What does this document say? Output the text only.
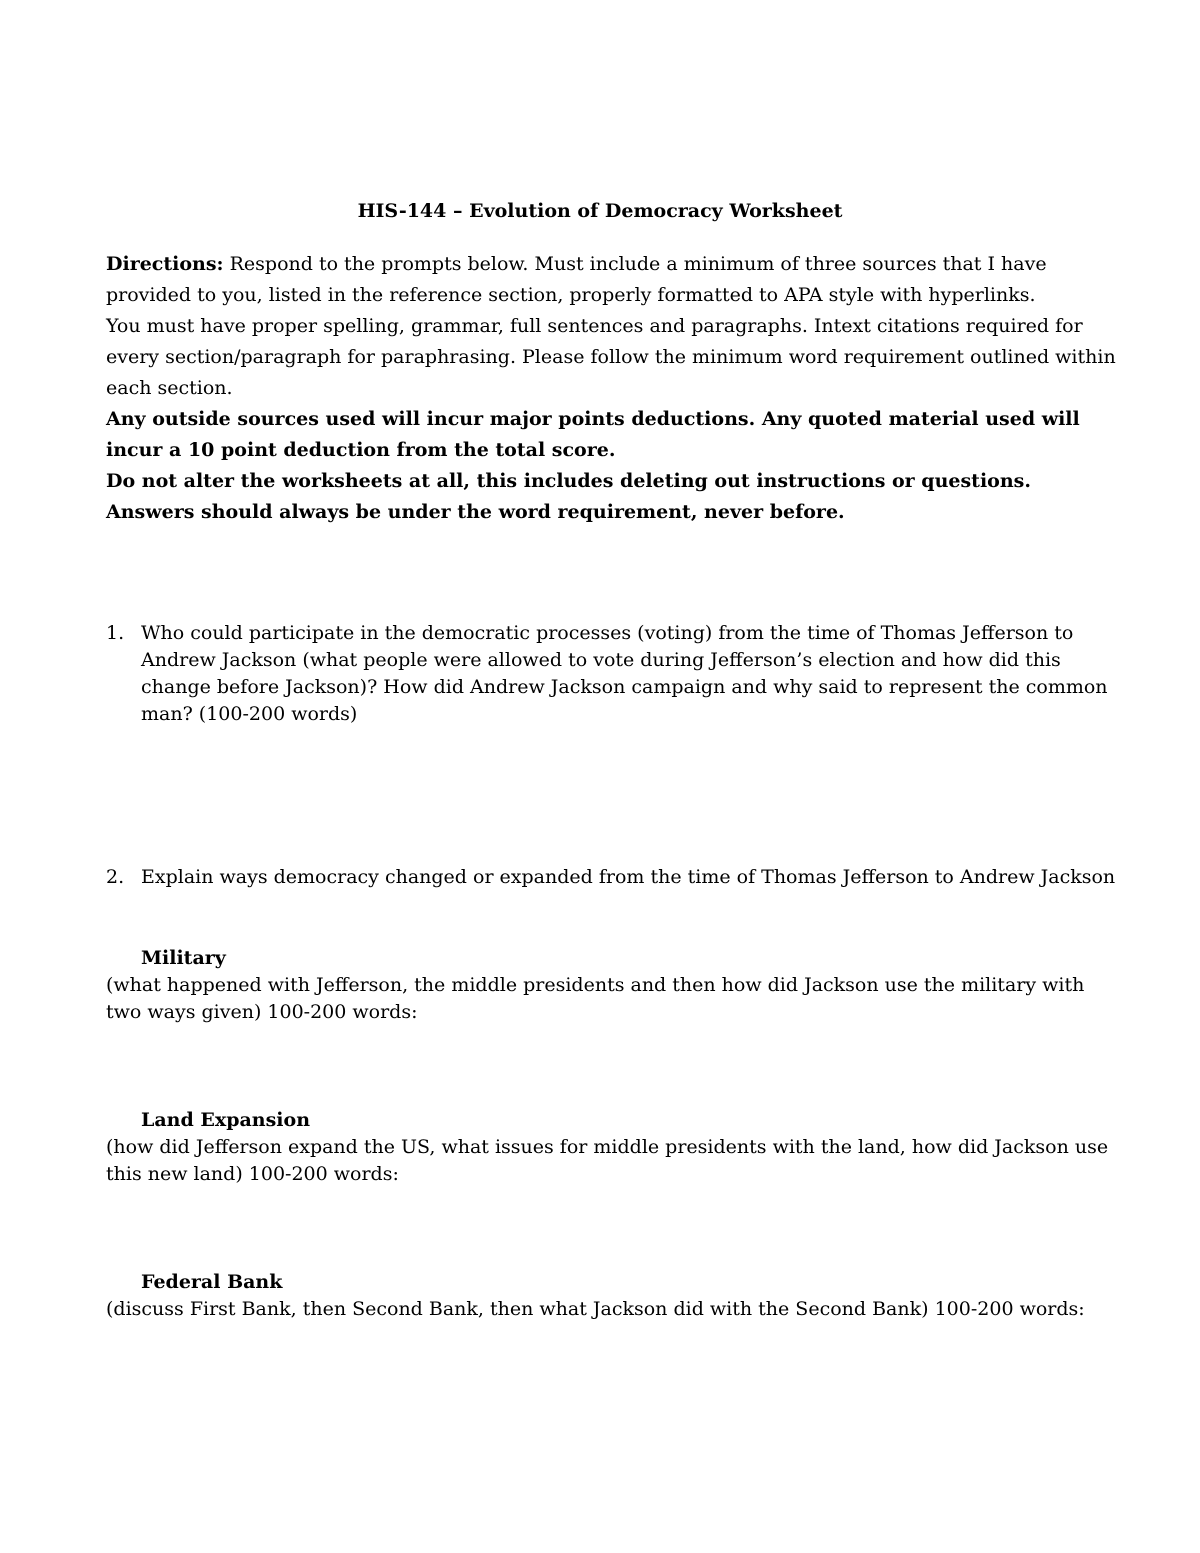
HIS-144 – Evolution of Democracy Worksheet

Directions: Respond to the prompts below. Must include a minimum of three sources that I have provided to you, listed in the reference section, properly formatted to APA style with hyperlinks.

You must have proper spelling, grammar, full sentences and paragraphs. Intext citations required for every section/paragraph for paraphrasing. Please follow the minimum word requirement outlined within each section.

Any outside sources used will incur major points deductions. Any quoted material used will incur a 10 point deduction from the total score.

Do not alter the worksheets at all, this includes deleting out instructions or questions. Answers should always be under the word requirement, never before.

1. Who could participate in the democratic processes (voting) from the time of Thomas Jefferson to Andrew Jackson (what people were allowed to vote during Jefferson’s election and how did this change before Jackson)? How did Andrew Jackson campaign and why said to represent the common man? (100-200 words)
2. Explain ways democracy changed or expanded from the time of Thomas Jefferson to Andrew Jackson
Military
(what happened with Jefferson, the middle presidents and then how did Jackson use the military with two ways given) 100-200 words:
Land Expansion
(how did Jefferson expand the US, what issues for middle presidents with the land, how did Jackson use this new land) 100-200 words:
Federal Bank
(discuss First Bank, then Second Bank, then what Jackson did with the Second Bank) 100-200 words:
